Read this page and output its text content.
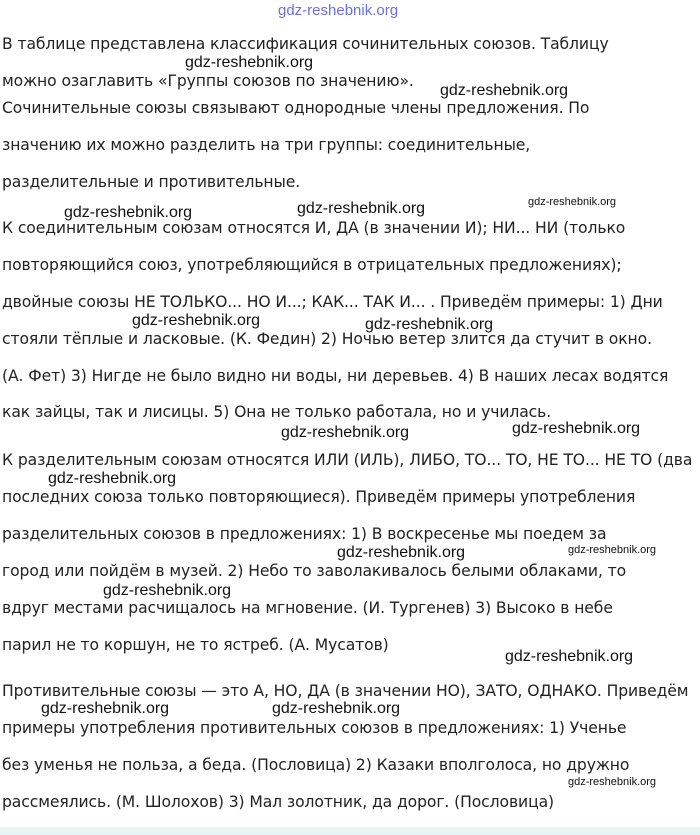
В таблице представлена классификация сочинительных союзов. Таблицу
можно озаглавить «Группы союзов по значению».
Сочинительные союзы связывают однородные члены предложения. По
значению их можно разделить на три группы: соединительные,
разделительные и противительные.
К соединительным союзам относятся И, ДА (в значении И); НИ... НИ (только
повторяющийся союз, употребляющийся в отрицательных предложениях);
двойные союзы НЕ ТОЛЬКО... НО И...; КАК... ТАК И... . Приведём примеры: 1) Дни
стояли тёплые и ласковые. (К. Федин) 2) Ночью ветер злится да стучит в окно.
(А. Фет) 3) Нигде не было видно ни воды, ни деревьев. 4) В наших лесах водятся
как зайцы, так и лисицы. 5) Она не только работала, но и училась.
К разделительным союзам относятся ИЛИ (ИЛЬ), ЛИБО, ТО... ТО, НЕ ТО... НЕ ТО (два
последних союза только повторяющиеся). Приведём примеры употребления
разделительных союзов в предложениях: 1) В воскресенье мы поедем за
город или пойдём в музей. 2) Небо то заволакивалось белыми облаками, то
вдруг местами расчищалось на мгновение. (И. Тургенев) 3) Высоко в небе
парил не то коршун, не то ястреб. (А. Мусатов)
Противительные союзы — это А, НО, ДА (в значении НО), ЗАТО, ОДНАКО. Приведём
примеры употребления противительных союзов в предложениях: 1) Ученье
без уменья не польза, а беда. (Пословица) 2) Казаки вполголоса, но дружно
рассмеялись. (М. Шолохов) 3) Мал золотник, да дорог. (Пословица)
gdz-reshebnik.org
gdz-reshebnik.org
gdz-reshebnik.org
gdz-reshebnik.org	gdz-reshebnik.org	gdz-reshebnik.org
gdz-reshebnik.org	gdz-reshebnik.org
gdz-reshebnik.org	gdz-reshebnik.org
gdz-reshebnik.org
gdz-reshebnik.org	gdz-reshebnik.org
gdz-reshebnik.org
gdz-reshebnik.org
gdz-reshebnik.org	gdz-reshebnik.org
gdz-reshebnik.org
